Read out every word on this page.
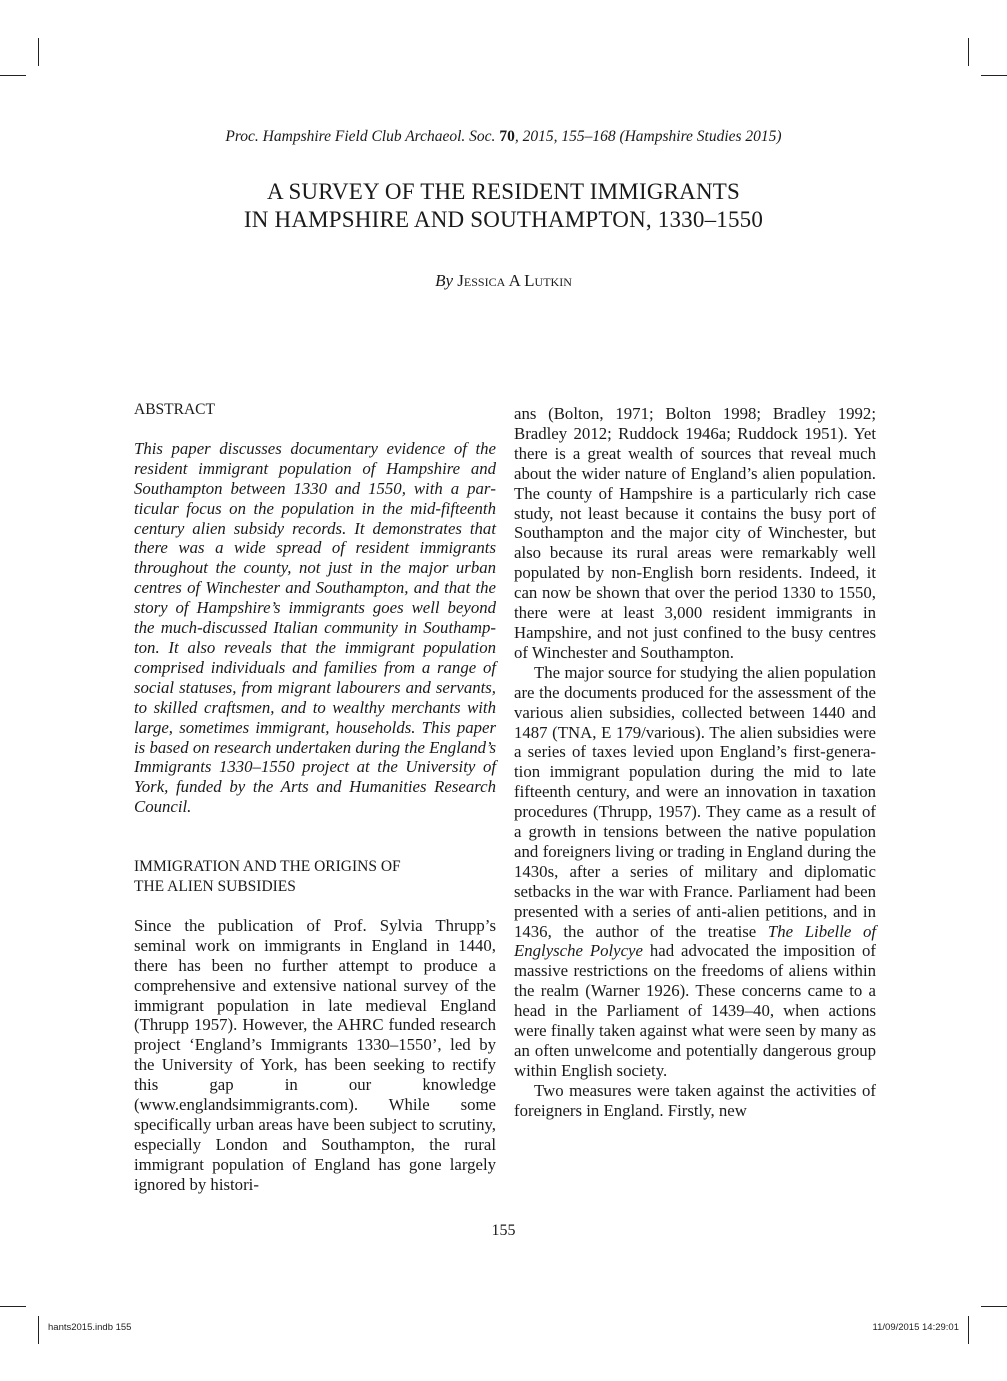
Proc. Hampshire Field Club Archaeol. Soc. 70, 2015, 155–168 (Hampshire Studies 2015)
A SURVEY OF THE RESIDENT IMMIGRANTS
IN HAMPSHIRE AND SOUTHAMPTON, 1330–1550
By Jessica A Lutkin
ABSTRACT

This paper discusses documentary evidence of the resident immigrant population of Hampshire and Southampton between 1330 and 1550, with a particular focus on the population in the mid-fifteenth century alien subsidy records. It demonstrates that there was a wide spread of resident immigrants throughout the county, not just in the major urban centres of Winchester and Southampton, and that the story of Hampshire’s immigrants goes well beyond the much-discussed Italian community in Southampton. It also reveals that the immigrant population comprised individuals and families from a range of social statuses, from migrant labourers and servants, to skilled craftsmen, and to wealthy merchants with large, sometimes immigrant, households. This paper is based on research undertaken during the England’s Immigrants 1330–1550 project at the University of York, funded by the Arts and Humanities Research Council.

IMMIGRATION AND THE ORIGINS OF
THE ALIEN SUBSIDIES

Since the publication of Prof. Sylvia Thrupp’s seminal work on immigrants in England in 1440, there has been no further attempt to produce a comprehensive and extensive national survey of the immigrant population in late medieval England (Thrupp 1957). However, the AHRC funded research project ‘England’s Immigrants 1330–1550’, led by the University of York, has been seeking to rectify this gap in our knowledge (www.englandsimmigrants.com). While some specifically urban areas have been subject to scrutiny, especially London and Southampton, the rural immigrant population of England has gone largely ignored by histori-

ans (Bolton, 1971; Bolton 1998; Bradley 1992; Bradley 2012; Ruddock 1946a; Ruddock 1951). Yet there is a great wealth of sources that reveal much about the wider nature of England’s alien population. The county of Hampshire is a particularly rich case study, not least because it contains the busy port of Southampton and the major city of Winchester, but also because its rural areas were remarkably well populated by non-English born residents. Indeed, it can now be shown that over the period 1330 to 1550, there were at least 3,000 resident immigrants in Hampshire, and not just confined to the busy centres of Winchester and Southampton.

The major source for studying the alien population are the documents produced for the assessment of the various alien subsidies, collected between 1440 and 1487 (TNA, E 179/various). The alien subsidies were a series of taxes levied upon England’s first-generation immigrant population during the mid to late fifteenth century, and were an innovation in taxation procedures (Thrupp, 1957). They came as a result of a growth in tensions between the native population and foreigners living or trading in England during the 1430s, after a series of military and diplomatic setbacks in the war with France. Parliament had been presented with a series of anti-alien petitions, and in 1436, the author of the treatise The Libelle of Englysche Polycye had advocated the imposition of massive restrictions on the freedoms of aliens within the realm (Warner 1926). These concerns came to a head in the Parliament of 1439–40, when actions were finally taken against what were seen by many as an often unwelcome and potentially dangerous group within English society.

Two measures were taken against the activities of foreigners in England. Firstly, new

155
hants2015.indb 155	11/09/2015 14:29:01
